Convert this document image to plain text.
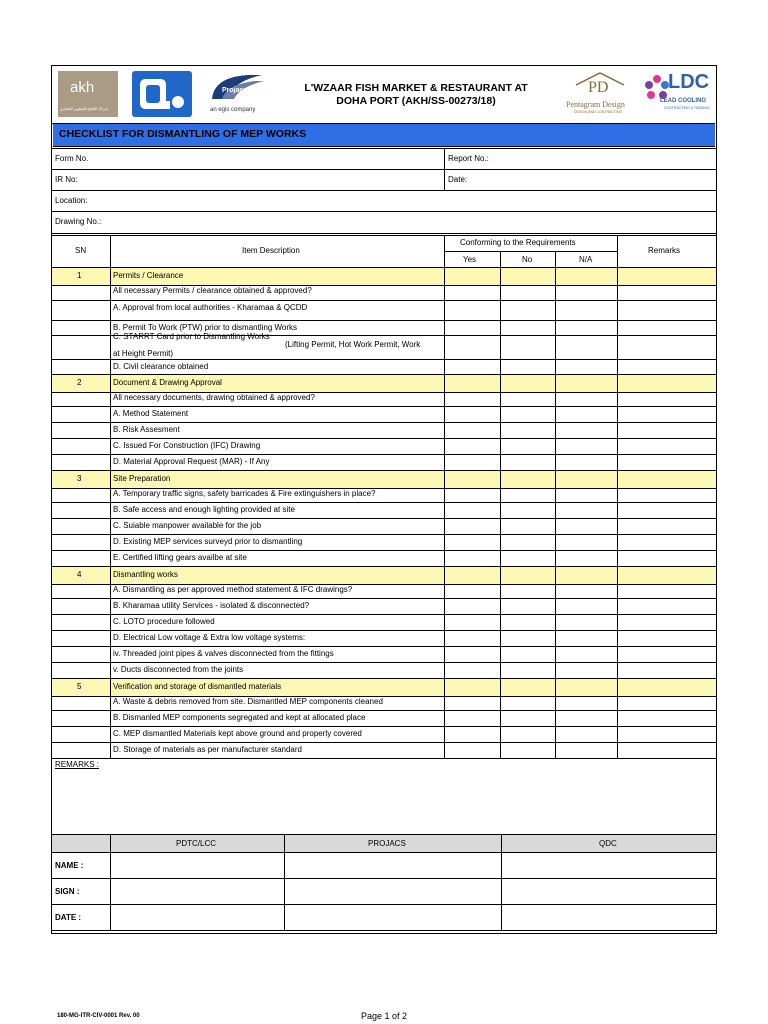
akh
شركة الخليج للتطوير العقاري
Projacs
an egis company
L'WZAAR FISH MARKET & RESTAURANT AT
DOHA PORT (AKH/SS-00273/18)
PD
Pentagram Design
DESIGN AND CONTRACTING
LDC
LEAD COOLING
CONTRACTING & TRADING
CHECKLIST FOR DISMANTLING OF MEP WORKS
Form No.	Report No.:
IR No:	Date:
Location:
Drawing No.:
SN	Item Description
Conforming to the Requirements
Yes	No	N/A
Remarks
1	Permits / Clearance
All necessary Permits / clearance obtained & approved?
A. Approval from local authorities - Kharamaa & QCDD
B. Permit To Work (PTW) prior to dismantling Works
C. STARRT Card prior to Dismantling Works
(Lifting Permit, Hot Work Permit, Work
at Height Permit)
D. Civil clearance obtained
2	Document & Drawing Approval
All necessary documents, drawing obtained & approved?
A. Method Statement
B. Risk Assesment
C. Issued For Construction (IFC) Drawing
D. Material Approval Request (MAR) - If Any
3	Site Preparation
A. Temporary traffic signs, safety barricades & Fire extinguishers in place?
B. Safe access and enough lighting provided at site
C. Suiable manpower available for the job
D. Existing MEP services surveyd prior to dismantling
E. Certified lifting gears availbe at site
4	Dismantling works
A. Dismantling as per approved method statement & IFC drawings?
B. Kharamaa utility Services - isolated & disconnected?
C. LOTO procedure followed
D. Electrical Low voltage & Extra low voltage systems:
iv. Threaded joint pipes & valves disconnected from the fittings
v. Ducts disconnected from the joints
5	Verification and storage of dismantled materials
A. Waste & debris removed from site. Dismantled MEP components cleaned
B. Dismanled MEP components segregated and kept at allocated place
C. MEP dismantled Materials kept above ground and properly covered
D. Storage of materials as per manufacturer standard
REMARKS :
PDTC/LCC	PROJACS	QDC
NAME :
SIGN :
DATE :
180-MG-ITR-CIV-0001 Rev. 00	Page 1 of 2
